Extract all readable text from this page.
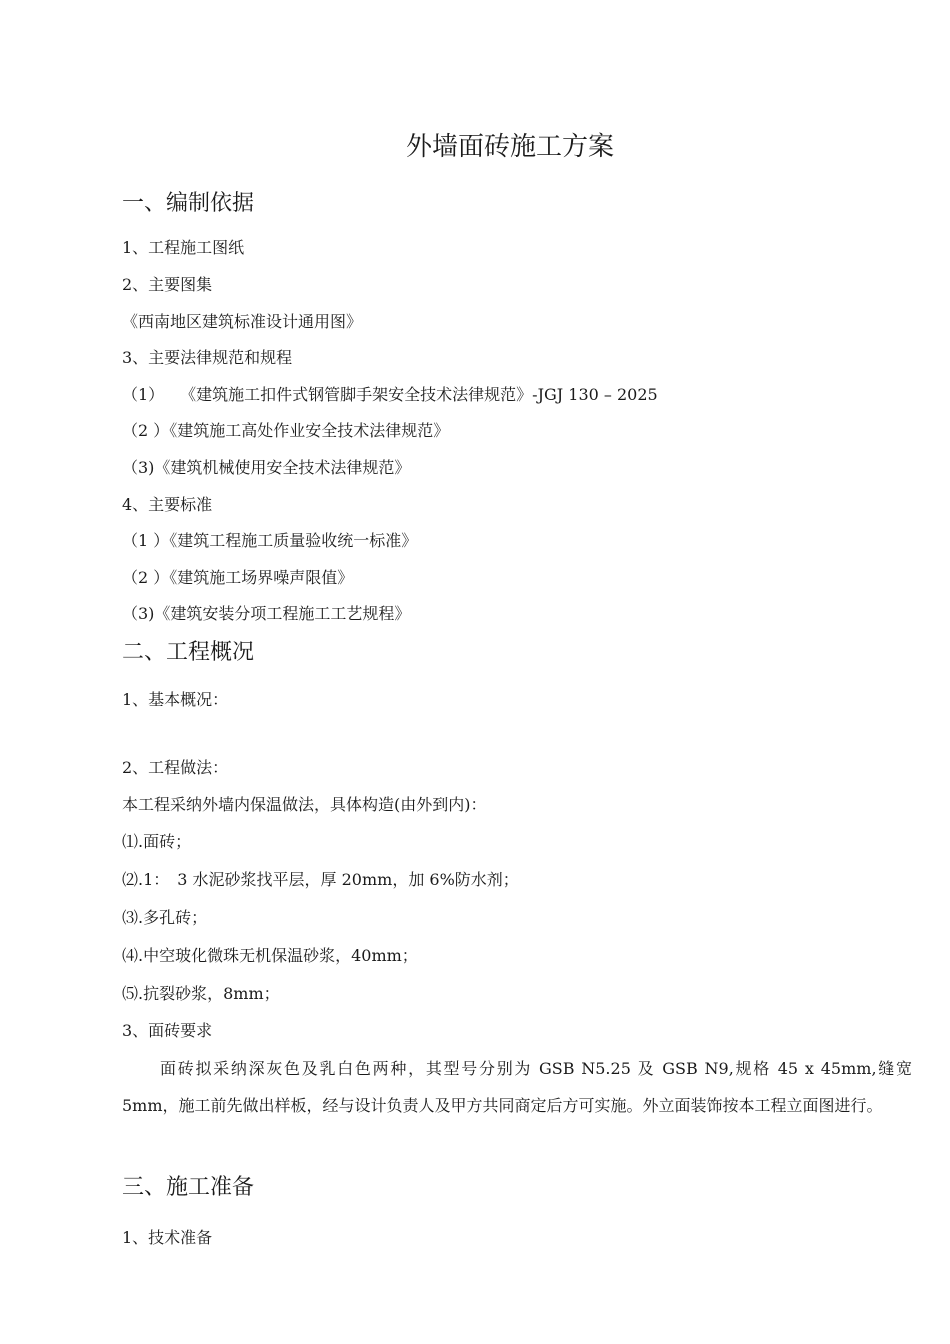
外墙面砖施工方案
一、编制依据
1、工程施工图纸
2、主要图集
《西南地区建筑标准设计通用图》
3、主要法律规范和规程
（1）　　《建筑施工扣件式钢管脚手架安全技术法律规范》-JGJ 130 – 2025
（2 ）《建筑施工高处作业安全技术法律规范》
（3)《建筑机械使用安全技术法律规范》
4、主要标准
（1 ）《建筑工程施工质量验收统一标准》
（2 ）《建筑施工场界噪声限值》
（3)《建筑安装分项工程施工工艺规程》
二、工程概况
1、基本概况：
2、工程做法：
本工程采纳外墙内保温做法，具体构造(由外到内)：
⑴.面砖；
⑵.1：　3 水泥砂浆找平层，厚 20mm，加 6%防水剂；
⑶.多孔砖；
⑷.中空玻化微珠无机保温砂浆，40mm；
⑸.抗裂砂浆，8mm；
3、面砖要求
面砖拟采纳深灰色及乳白色两种，其型号分别为 GSB N5.25 及 GSB N9,规格 45 x 45mm,缝宽 5mm，施工前先做出样板，经与设计负责人及甲方共同商定后方可实施。外立面装饰按本工程立面图进行。
三、施工准备
1、技术准备
